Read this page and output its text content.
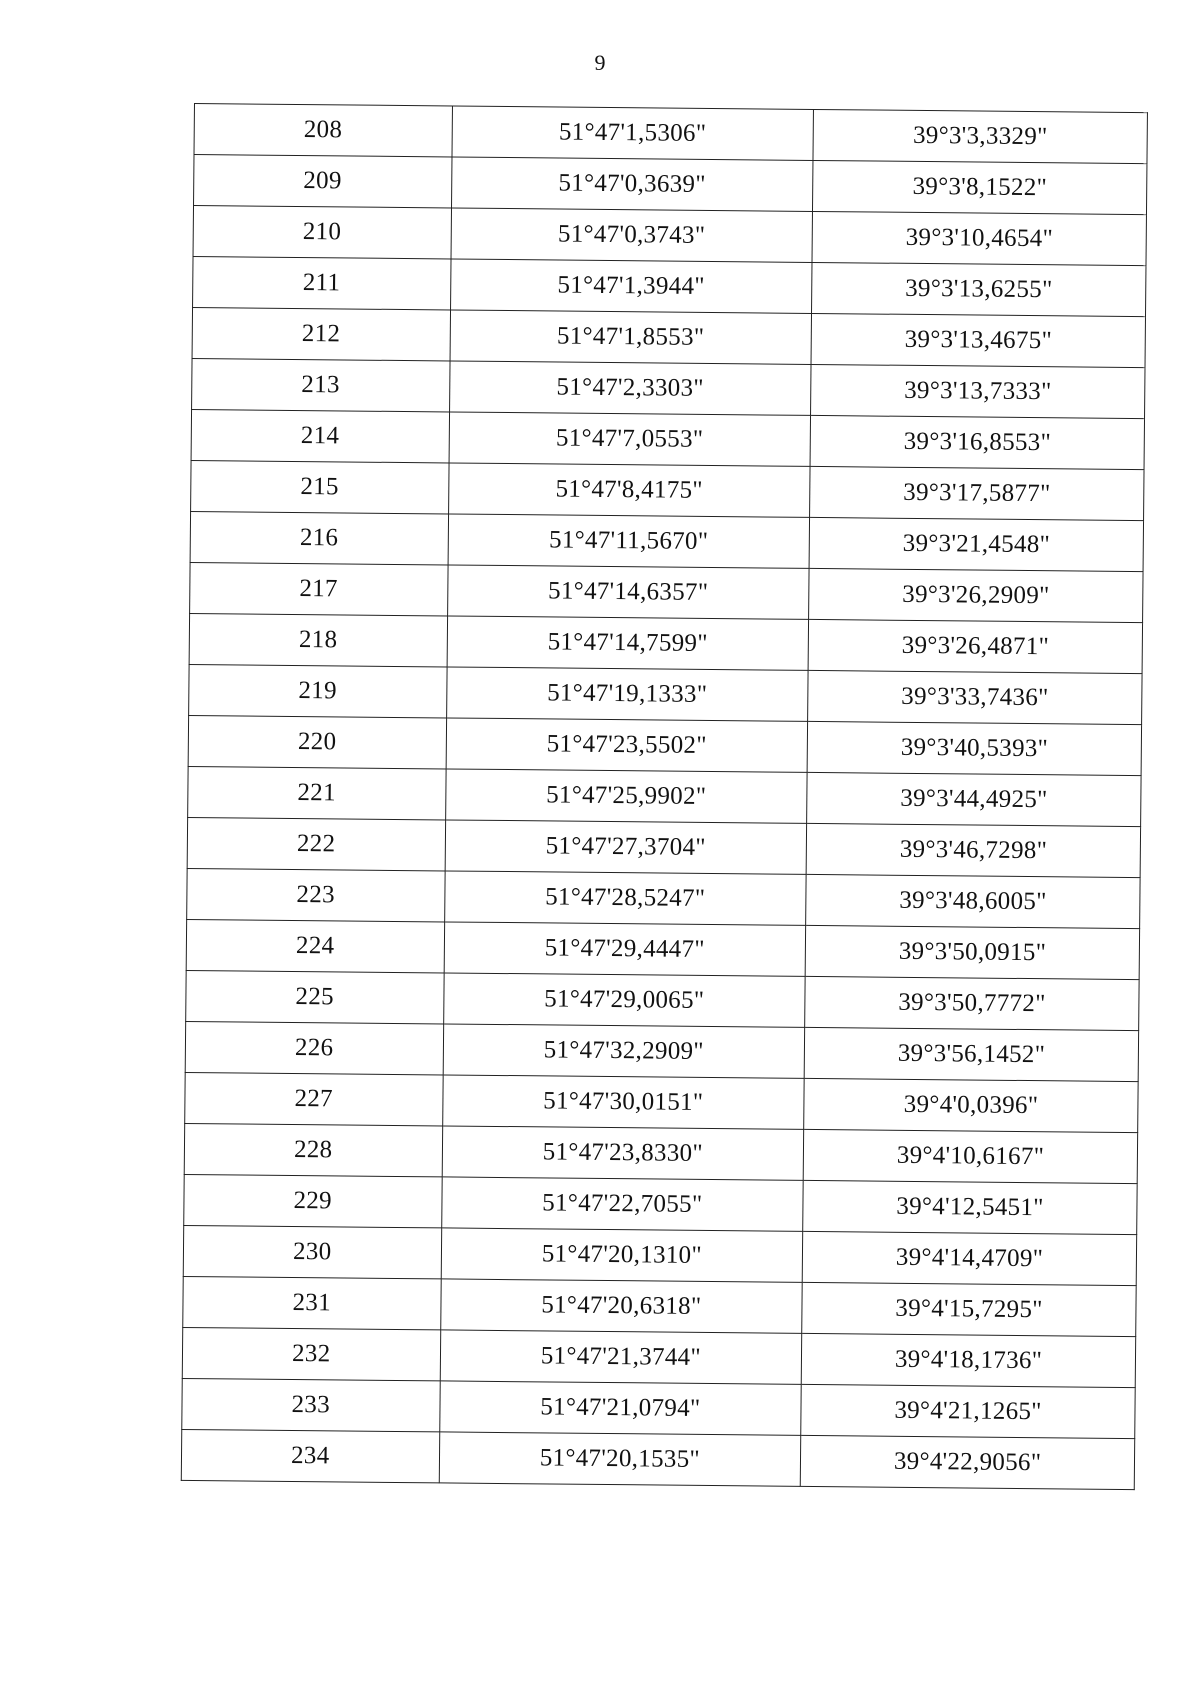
9
208	51°47'1,5306"	39°3'3,3329"
209	51°47'0,3639"	39°3'8,1522"
210	51°47'0,3743"	39°3'10,4654"
211	51°47'1,3944"	39°3'13,6255"
212	51°47'1,8553"	39°3'13,4675"
213	51°47'2,3303"	39°3'13,7333"
214	51°47'7,0553"	39°3'16,8553"
215	51°47'8,4175"	39°3'17,5877"
216	51°47'11,5670"	39°3'21,4548"
217	51°47'14,6357"	39°3'26,2909"
218	51°47'14,7599"	39°3'26,4871"
219	51°47'19,1333"	39°3'33,7436"
220	51°47'23,5502"	39°3'40,5393"
221	51°47'25,9902"	39°3'44,4925"
222	51°47'27,3704"	39°3'46,7298"
223	51°47'28,5247"	39°3'48,6005"
224	51°47'29,4447"	39°3'50,0915"
225	51°47'29,0065"	39°3'50,7772"
226	51°47'32,2909"	39°3'56,1452"
227	51°47'30,0151"	39°4'0,0396"
228	51°47'23,8330"	39°4'10,6167"
229	51°47'22,7055"	39°4'12,5451"
230	51°47'20,1310"	39°4'14,4709"
231	51°47'20,6318"	39°4'15,7295"
232	51°47'21,3744"	39°4'18,1736"
233	51°47'21,0794"	39°4'21,1265"
234	51°47'20,1535"	39°4'22,9056"
